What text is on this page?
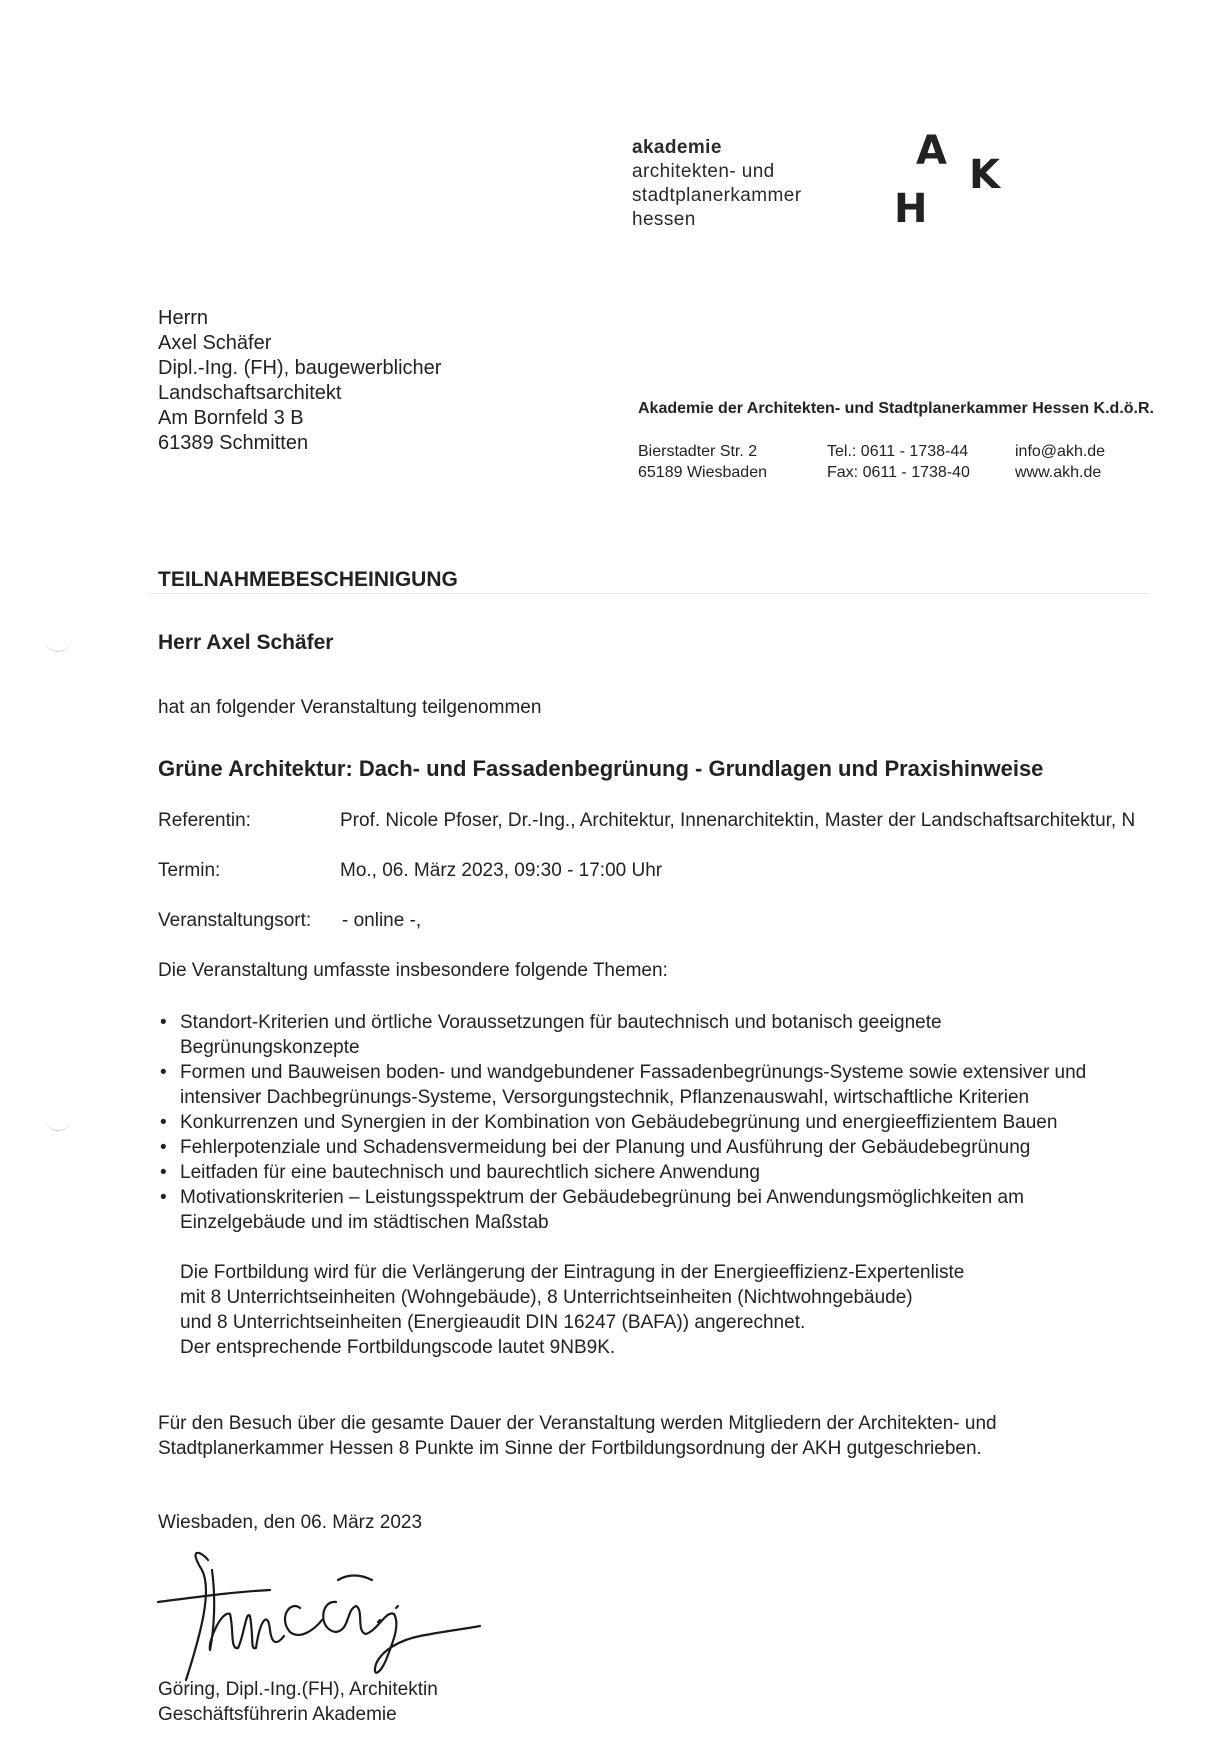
akademie
architekten- und
stadtplanerkammer
hessen
A
K
H
Herrn
Axel Schäfer
Dipl.-Ing. (FH), baugewerblicher
Landschaftsarchitekt
Am Bornfeld 3 B
61389 Schmitten
Akademie der Architekten- und Stadtplanerkammer Hessen K.d.ö.R.
Bierstadter Str. 2
65189 Wiesbaden
Tel.: 0611 - 1738-44
Fax: 0611 - 1738-40
info@akh.de
www.akh.de
TEILNAHMEBESCHEINIGUNG
Herr Axel Schäfer
hat an folgender Veranstaltung teilgenommen
Grüne Architektur: Dach- und Fassadenbegrünung - Grundlagen und Praxishinweise
Referentin:	Prof. Nicole Pfoser, Dr.-Ing., Architektur, Innenarchitektin, Master der Landschaftsarchitektur, N
Termin:	Mo., 06. März 2023, 09:30 - 17:00 Uhr
Veranstaltungsort: - online -,
Die Veranstaltung umfasste insbesondere folgende Themen:
• Standort-Kriterien und örtliche Voraussetzungen für bautechnisch und botanisch geeignete
Begrünungskonzepte
• Formen und Bauweisen boden- und wandgebundener Fassadenbegrünungs-Systeme sowie extensiver und
intensiver Dachbegrünungs-Systeme, Versorgungstechnik, Pflanzenauswahl, wirtschaftliche Kriterien
• Konkurrenzen und Synergien in der Kombination von Gebäudebegrünung und energieeffizientem Bauen
• Fehlerpotenziale und Schadensvermeidung bei der Planung und Ausführung der Gebäudebegrünung
• Leitfaden für eine bautechnisch und baurechtlich sichere Anwendung
• Motivationskriterien – Leistungsspektrum der Gebäudebegrünung bei Anwendungsmöglichkeiten am
Einzelgebäude und im städtischen Maßstab
Die Fortbildung wird für die Verlängerung der Eintragung in der Energieeffizienz-Expertenliste
mit 8 Unterrichtseinheiten (Wohngebäude), 8 Unterrichtseinheiten (Nichtwohngebäude)
und 8 Unterrichtseinheiten (Energieaudit DIN 16247 (BAFA)) angerechnet.
Der entsprechende Fortbildungscode lautet 9NB9K.
Für den Besuch über die gesamte Dauer der Veranstaltung werden Mitgliedern der Architekten- und
Stadtplanerkammer Hessen 8 Punkte im Sinne der Fortbildungsordnung der AKH gutgeschrieben.
Wiesbaden, den 06. März 2023
Göring, Dipl.-Ing.(FH), Architektin
Geschäftsführerin Akademie
